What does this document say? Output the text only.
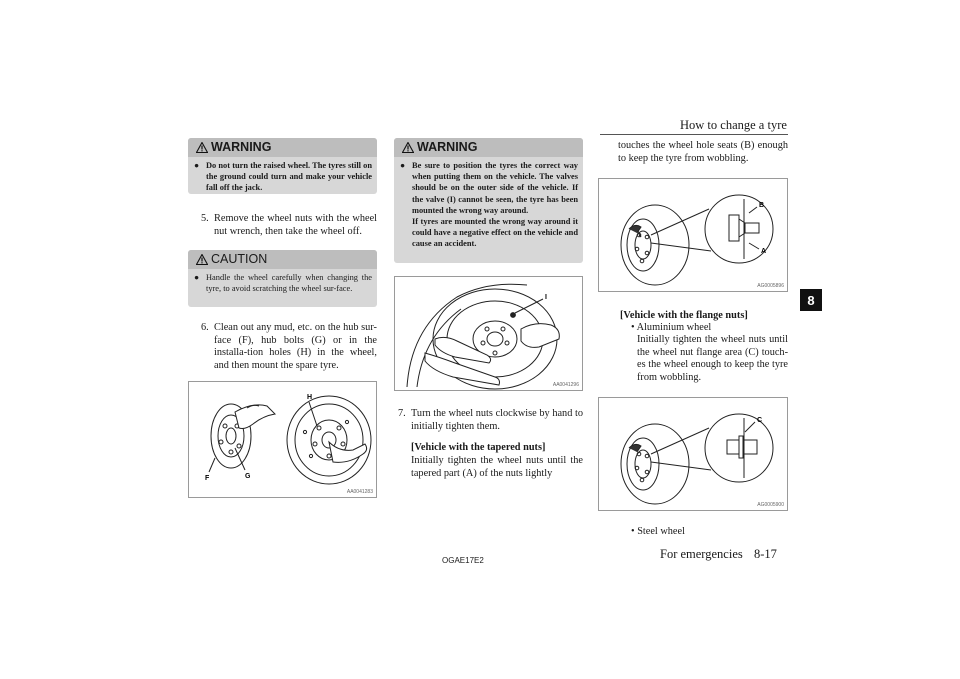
How to change a tyre
8
WARNING
● Do not turn the raised wheel. The tyres still on the ground could turn and make your vehicle fall off the jack.
5. Remove the wheel nuts with the wheel nut wrench, then take the wheel off.
CAUTION
● Handle the wheel carefully when changing the tyre, to avoid scratching the wheel sur-face.
6. Clean out any mud, etc. on the hub sur-face (F), hub bolts (G) or in the installa-tion holes (H) in the wheel, and then mount the spare tyre.
F	G
H
AA0041283
WARNING
● Be sure to position the tyres the correct way when putting them on the vehicle. The valves should be on the outer side of the vehicle. If the valve (I) cannot be seen, the tyre has been mounted the wrong way around.
If tyres are mounted the wrong way around it could have a negative effect on the vehicle and cause an accident.
I
AA0041296
7. Turn the wheel nuts clockwise by hand to initially tighten them.
[Vehicle with the tapered nuts]
Initially tighten the wheel nuts until the tapered part (A) of the nuts lightly
touches the wheel hole seats (B) enough to keep the tyre from wobbling.
B
A
AG0005896
[Vehicle with the flange nuts]
• Aluminium wheel
Initially tighten the wheel nuts until the wheel nut flange area (C) touch-es the wheel enough to keep the tyre from wobbling.
C
AG0005900
• Steel wheel
OGAE17E2	For emergencies 8-17
